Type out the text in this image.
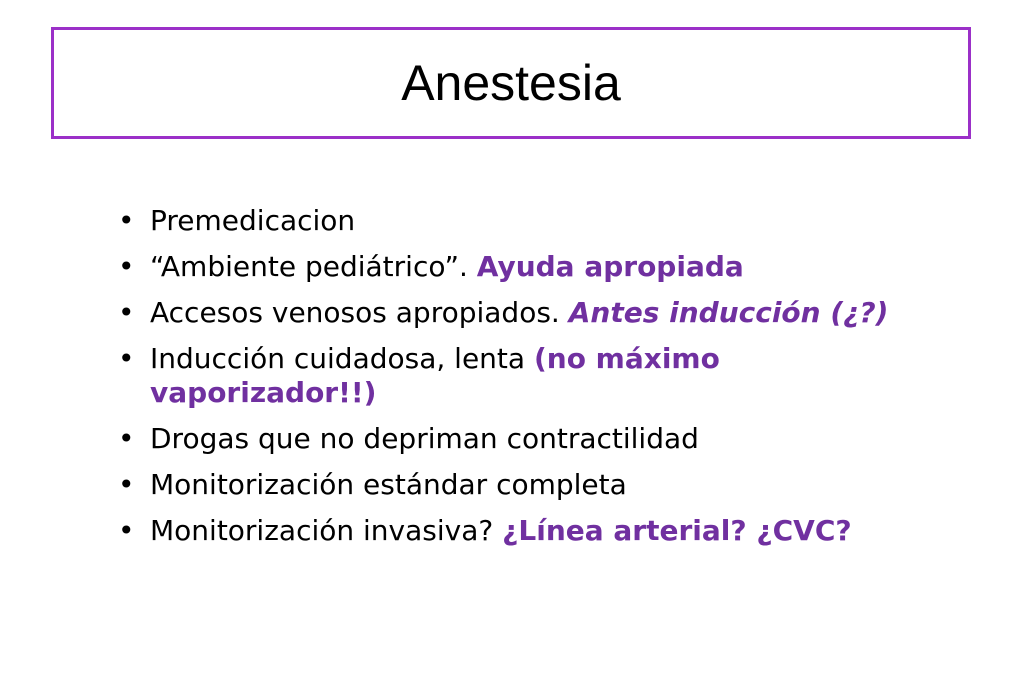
Anestesia
• Premedicacion
• “Ambiente pediátrico”. Ayuda apropiada
• Accesos venosos apropiados. Antes inducción (¿?)
• Inducción cuidadosa, lenta (no máximo vaporizador!!)
• Drogas que no depriman contractilidad
• Monitorización estándar completa
• Monitorización invasiva? ¿Línea arterial? ¿CVC?
